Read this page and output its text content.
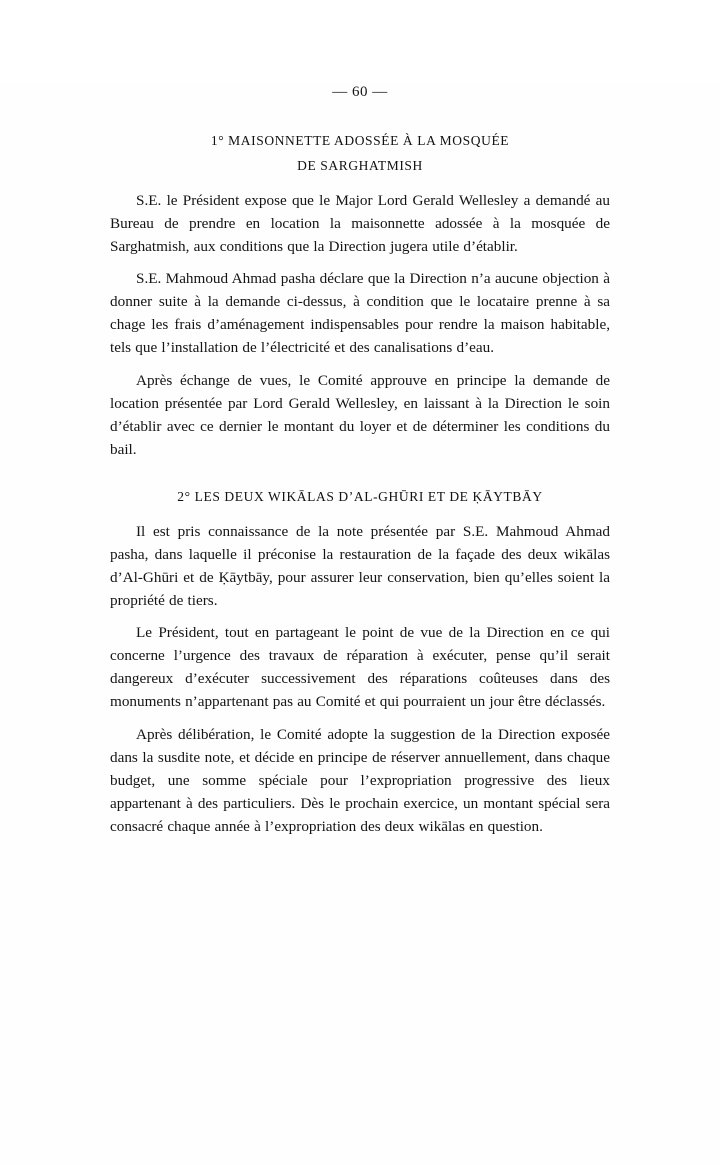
— 60 —
1° MAISONNETTE ADOSSÉE À LA MOSQUÉE
DE SARGHATMISH

S.E. le Président expose que le Major Lord Gerald Wellesley a demandé au Bureau de prendre en location la maisonnette adossée à la mosquée de Sarghatmish, aux conditions que la Direction jugera utile d’établir.

S.E. Mahmoud Ahmad pasha déclare que la Direction n’a aucune objection à donner suite à la demande ci-dessus, à condition que le locataire prenne à sa chage les frais d’aménagement indispensables pour rendre la maison habitable, tels que l’installation de l’électricité et des canalisations d’eau.

Après échange de vues, le Comité approuve en principe la demande de location présentée par Lord Gerald Wellesley, en laissant à la Direction le soin d’établir avec ce dernier le montant du loyer et de déterminer les conditions du bail.

2° LES DEUX WIKĀLAS D’AL-GHŪRI ET DE ḲĀYTBĀY

Il est pris connaissance de la note présentée par S.E. Mahmoud Ahmad pasha, dans laquelle il préconise la restauration de la façade des deux wikālas d’Al-Ghūri et de Ḳāytbāy, pour assurer leur conservation, bien qu’elles soient la propriété de tiers.

Le Président, tout en partageant le point de vue de la Direction en ce qui concerne l’urgence des travaux de réparation à exécuter, pense qu’il serait dangereux d’exécuter successivement des réparations coûteuses dans des monuments n’appartenant pas au Comité et qui pourraient un jour être déclassés.

Après délibération, le Comité adopte la suggestion de la Direction exposée dans la susdite note, et décide en principe de réserver annuellement, dans chaque budget, une somme spéciale pour l’expropriation progressive des lieux appartenant à des particuliers. Dès le prochain exercice, un montant spécial sera consacré chaque année à l’expropriation des deux wikālas en question.
